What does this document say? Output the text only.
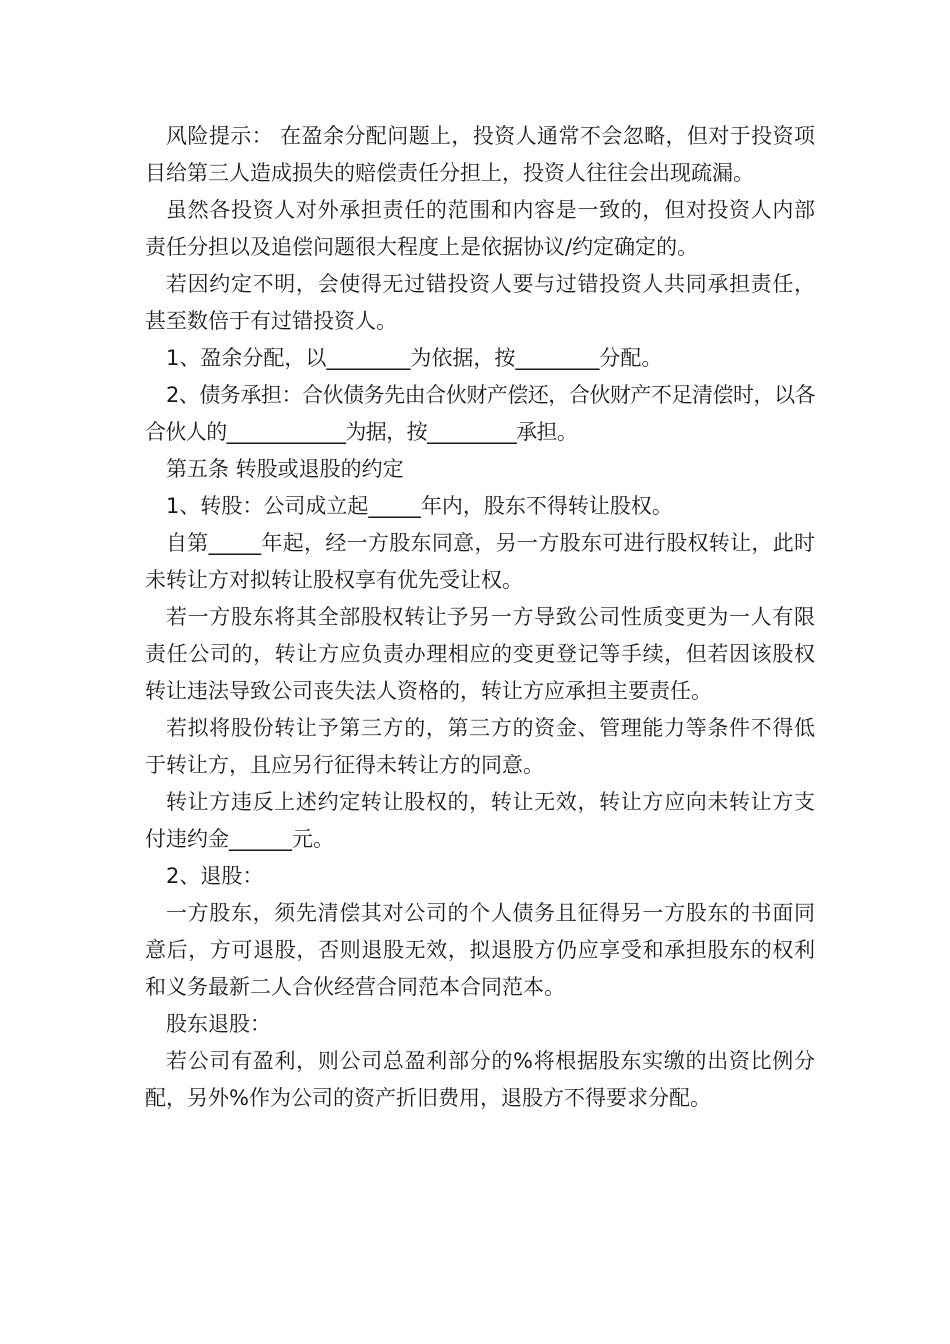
风险提示： 在盈余分配问题上，投资人通常不会忽略，但对于投资项目给第三人造成损失的赔偿责任分担上，投资人往往会出现疏漏。

虽然各投资人对外承担责任的范围和内容是一致的，但对投资人内部责任分担以及追偿问题很大程度上是依据协议/约定确定的。

若因约定不明，会使得无过错投资人要与过错投资人共同承担责任，甚至数倍于有过错投资人。

1、盈余分配，以________为依据，按________分配。

2、债务承担：合伙债务先由合伙财产偿还，合伙财产不足清偿时，以各合伙人的____________为据，按_________承担。

第五条 转股或退股的约定

1、转股：公司成立起_____年内，股东不得转让股权。

自第_____年起，经一方股东同意，另一方股东可进行股权转让，此时未转让方对拟转让股权享有优先受让权。

若一方股东将其全部股权转让予另一方导致公司性质变更为一人有限责任公司的，转让方应负责办理相应的变更登记等手续，但若因该股权转让违法导致公司丧失法人资格的，转让方应承担主要责任。

若拟将股份转让予第三方的，第三方的资金、管理能力等条件不得低于转让方，且应另行征得未转让方的同意。

转让方违反上述约定转让股权的，转让无效，转让方应向未转让方支付违约金______元。

2、退股：

一方股东，须先清偿其对公司的个人债务且征得另一方股东的书面同意后，方可退股，否则退股无效，拟退股方仍应享受和承担股东的权利和义务最新二人合伙经营合同范本合同范本。

股东退股：

若公司有盈利，则公司总盈利部分的%将根据股东实缴的出资比例分配，另外%作为公司的资产折旧费用，退股方不得要求分配。
